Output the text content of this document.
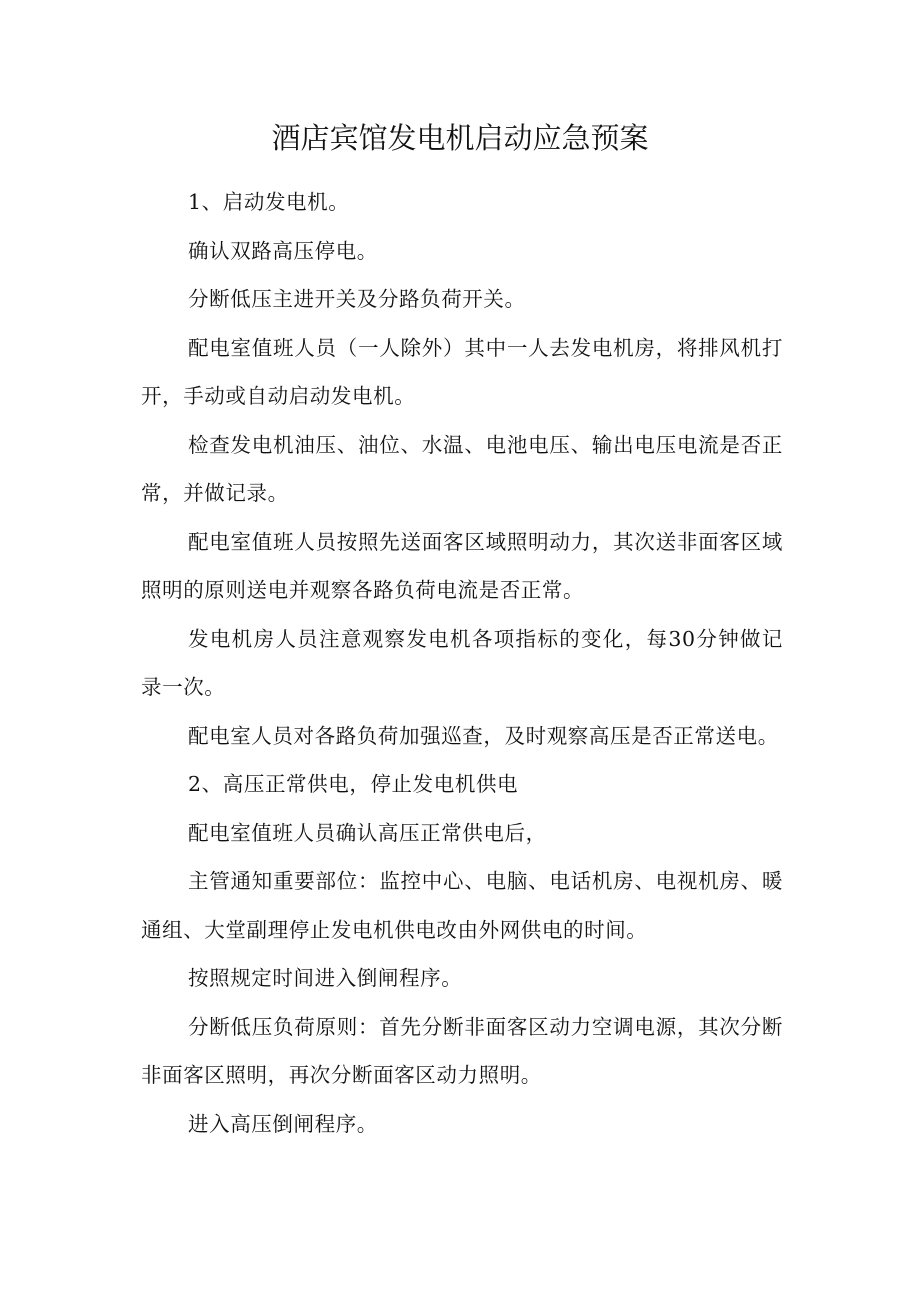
酒店宾馆发电机启动应急预案

1、启动发电机。

确认双路高压停电。

分断低压主进开关及分路负荷开关。

配电室值班人员（一人除外）其中一人去发电机房，将排风机打开，手动或自动启动发电机。

检查发电机油压、油位、水温、电池电压、输出电压电流是否正常，并做记录。

配电室值班人员按照先送面客区域照明动力，其次送非面客区域照明的原则送电并观察各路负荷电流是否正常。

发电机房人员注意观察发电机各项指标的变化，每30分钟做记录一次。

配电室人员对各路负荷加强巡查，及时观察高压是否正常送电。

2、高压正常供电，停止发电机供电

配电室值班人员确认高压正常供电后，

主管通知重要部位：监控中心、电脑、电话机房、电视机房、暖通组、大堂副理停止发电机供电改由外网供电的时间。

按照规定时间进入倒闸程序。

分断低压负荷原则：首先分断非面客区动力空调电源，其次分断非面客区照明，再次分断面客区动力照明。

进入高压倒闸程序。
